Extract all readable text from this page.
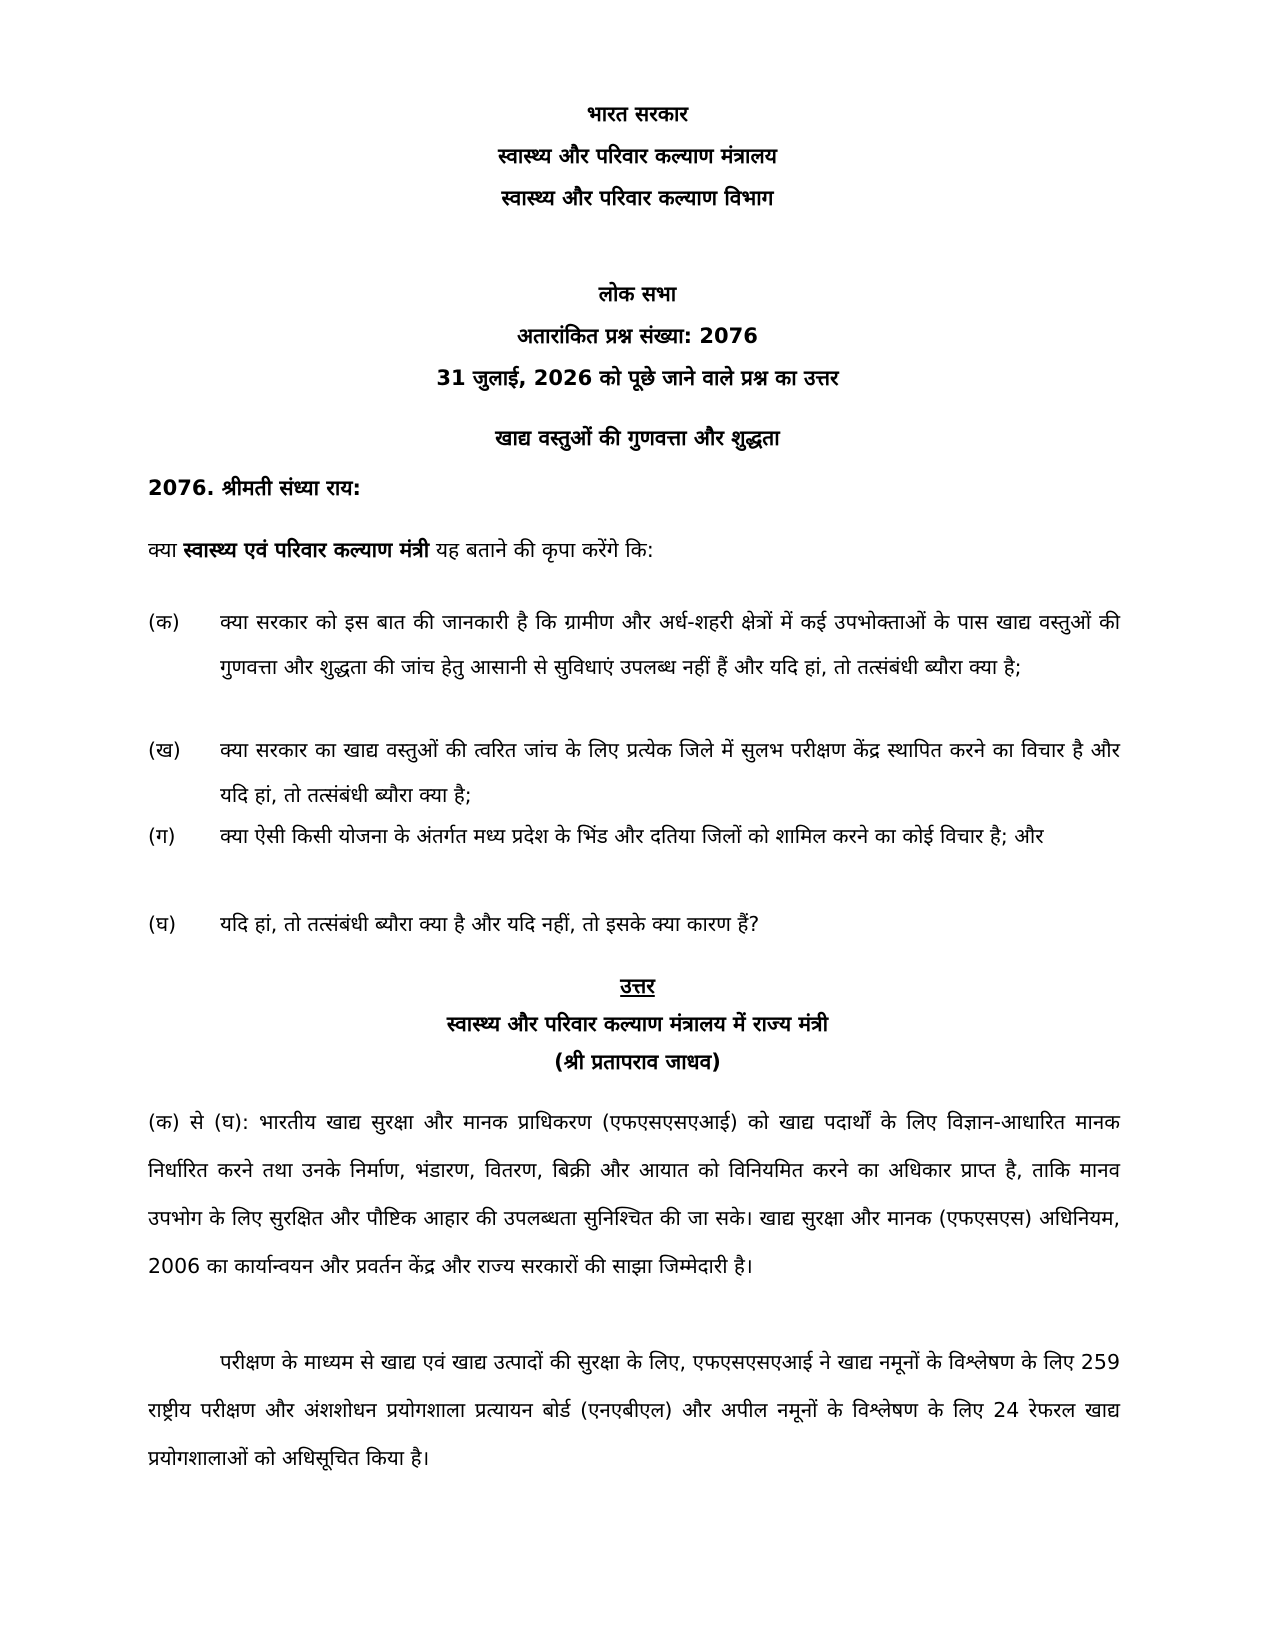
भारत सरकार
स्वास्थ्य और परिवार कल्याण मंत्रालय
स्वास्थ्य और परिवार कल्याण विभाग
लोक सभा
अतारांकित प्रश्न संख्या: 2076
31 जुलाई, 2026 को पूछे जाने वाले प्रश्न का उत्तर
खाद्य वस्तुओं की गुणवत्ता और शुद्धता
2076. श्रीमती संध्या राय:
क्या स्वास्थ्य एवं परिवार कल्याण मंत्री यह बताने की कृपा करेंगे कि:
(क)	क्या सरकार को इस बात की जानकारी है कि ग्रामीण और अर्ध-शहरी क्षेत्रों में कई उपभोक्ताओं के पास खाद्य वस्तुओं की गुणवत्ता और शुद्धता की जांच हेतु आसानी से सुविधाएं उपलब्ध नहीं हैं और यदि हां, तो तत्संबंधी ब्यौरा क्या है;
(ख)	क्या सरकार का खाद्य वस्तुओं की त्वरित जांच के लिए प्रत्येक जिले में सुलभ परीक्षण केंद्र स्थापित करने का विचार है और यदि हां, तो तत्संबंधी ब्यौरा क्या है;
(ग)	क्या ऐसी किसी योजना के अंतर्गत मध्य प्रदेश के भिंड और दतिया जिलों को शामिल करने का कोई विचार है; और
(घ)	यदि हां, तो तत्संबंधी ब्यौरा क्या है और यदि नहीं, तो इसके क्या कारण हैं?
उत्तर
स्वास्थ्य और परिवार कल्याण मंत्रालय में राज्य मंत्री
(श्री प्रतापराव जाधव)
(क) से (घ): भारतीय खाद्य सुरक्षा और मानक प्राधिकरण (एफएसएसएआई) को खाद्य पदार्थों के लिए विज्ञान-आधारित मानक निर्धारित करने तथा उनके निर्माण, भंडारण, वितरण, बिक्री और आयात को विनियमित करने का अधिकार प्राप्त है, ताकि मानव उपभोग के लिए सुरक्षित और पौष्टिक आहार की उपलब्धता सुनिश्चित की जा सके। खाद्य सुरक्षा और मानक (एफएसएस) अधिनियम, 2006 का कार्यान्वयन और प्रवर्तन केंद्र और राज्य सरकारों की साझा जिम्मेदारी है।
परीक्षण के माध्यम से खाद्य एवं खाद्य उत्पादों की सुरक्षा के लिए, एफएसएसएआई ने खाद्य नमूनों के विश्लेषण के लिए 259 राष्ट्रीय परीक्षण और अंशशोधन प्रयोगशाला प्रत्यायन बोर्ड (एनएबीएल) और अपील नमूनों के विश्लेषण के लिए 24 रेफरल खाद्य प्रयोगशालाओं को अधिसूचित किया है।
